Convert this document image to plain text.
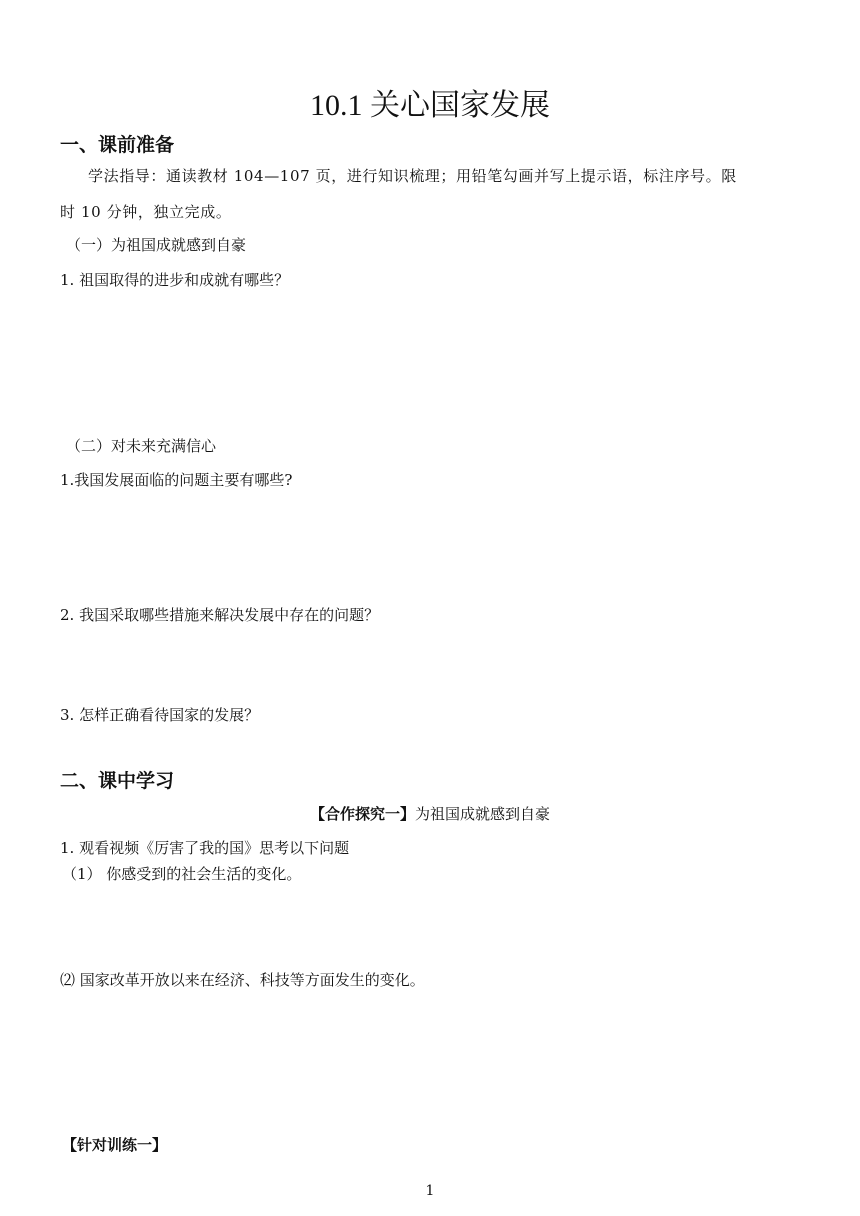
10.1 关心国家发展
一、课前准备
学法指导：通读教材 104—107 页，进行知识梳理；用铅笔勾画并写上提示语，标注序号。限
时 10 分钟，独立完成。
（一）为祖国成就感到自豪
1. 祖国取得的进步和成就有哪些？
（二）对未来充满信心
1.我国发展面临的问题主要有哪些?
2. 我国采取哪些措施来解决发展中存在的问题？
3. 怎样正确看待国家的发展？
二、课中学习
【合作探究一】为祖国成就感到自豪
1. 观看视频《厉害了我的国》思考以下问题
（1） 你感受到的社会生活的变化。
⑵ 国家改革开放以来在经济、科技等方面发生的变化。
【针对训练一】
1
